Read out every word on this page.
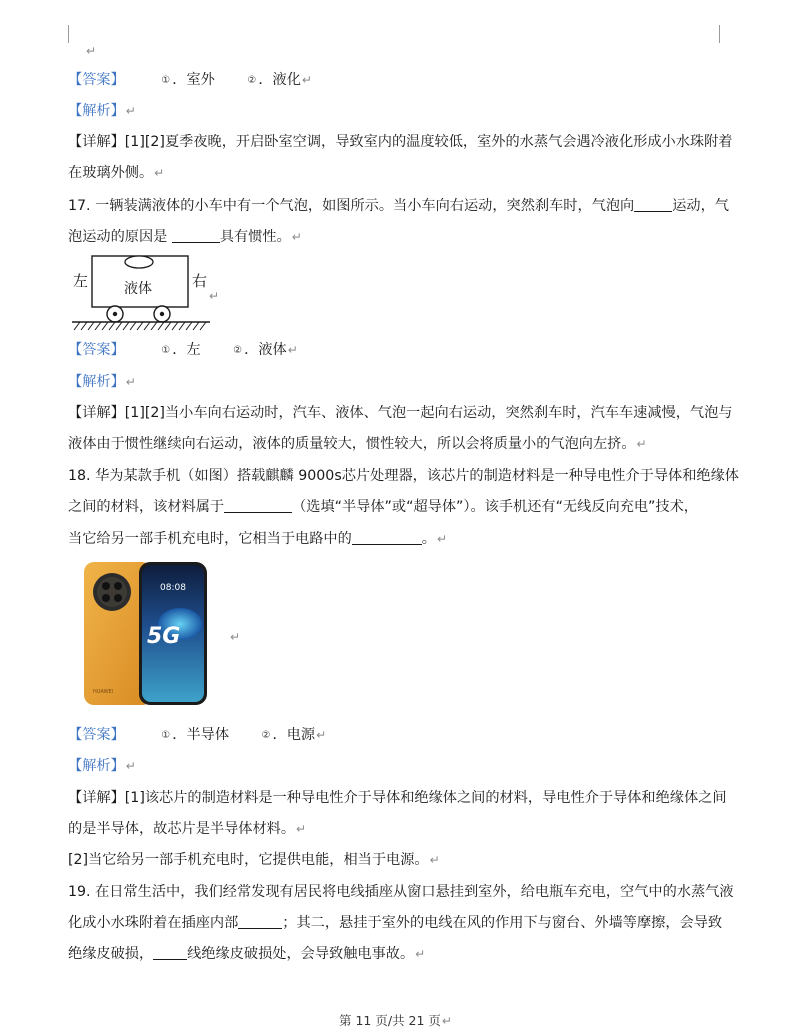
↵
【答案】	① ．室外	② ．液化↵
【解析】↵
【详解】[1][2]夏季夜晚，开启卧室空调，导致室内的温度较低，室外的水蒸气会遇冷液化形成小水珠附着
在玻璃外侧。↵
17. 一辆装满液体的小车中有一个气泡，如图所示。当小车向右运动，突然刹车时，气泡向	运动，气
泡运动的原因是	具有惯性。↵
左	液体	右
↵
【答案】	① ．左	② ．液体↵
【解析】↵
【详解】[1][2]当小车向右运动时，汽车、液体、气泡一起向右运动，突然刹车时，汽车车速减慢，气泡与
液体由于惯性继续向右运动，液体的质量较大，惯性较大，所以会将质量小的气泡向左挤。↵
18. 华为某款手机（如图）搭载麒麟 9000s芯片处理器，该芯片的制造材料是一种导电性介于导体和绝缘体
之间的材料，该材料属于	（选填“半导体”或“超导体”）。该手机还有“无线反向充电”技术，
当它给另一部手机充电时，它相当于电路中的	。↵
HUAWEI
08:08
5G	↵
【答案】	① ．半导体	② ．电源↵
【解析】↵
【详解】[1]该芯片的制造材料是一种导电性介于导体和绝缘体之间的材料，导电性介于导体和绝缘体之间
的是半导体，故芯片是半导体材料。↵
[2]当它给另一部手机充电时，它提供电能，相当于电源。↵
19. 在日常生活中，我们经常发现有居民将电线插座从窗口悬挂到室外，给电瓶车充电，空气中的水蒸气液
化成小水珠附着在插座内部	；其二，悬挂于室外的电线在风的作用下与窗台、外墙等摩擦，会导致
绝缘皮破损， 线绝缘皮破损处，会导致触电事故。↵
第 11 页/共 21 页↵
